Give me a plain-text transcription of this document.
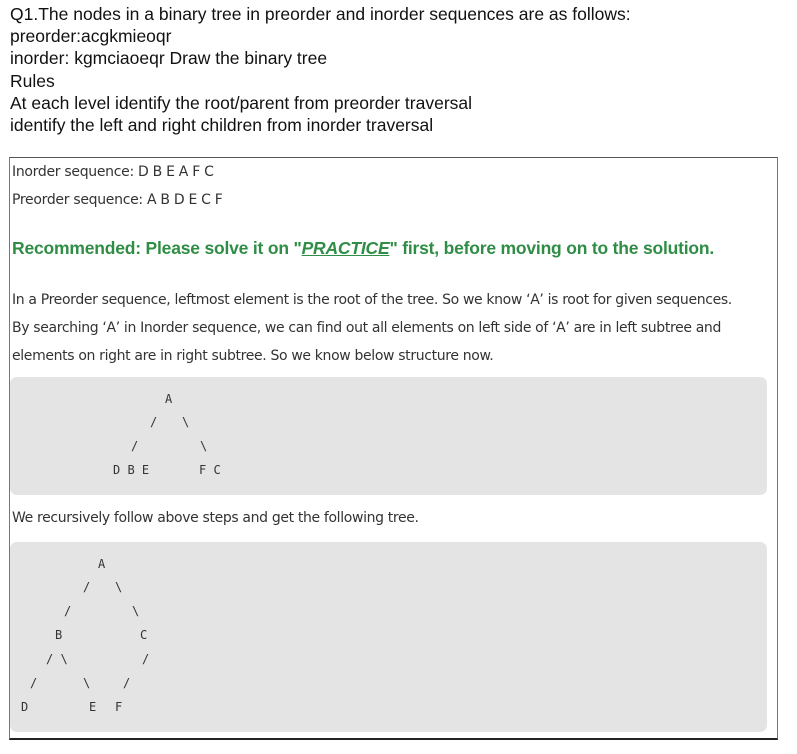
Q1.The nodes in a binary tree in preorder and inorder sequences are as follows:
preorder:acgkmieoqr
inorder: kgmciaoeqr Draw the binary tree
Rules
At each level identify the root/parent from preorder traversal
identify the left and right children from inorder traversal
Inorder sequence: D B E A F C
Preorder sequence: A B D E C F
Recommended: Please solve it on "PRACTICE" first, before moving on to the solution.
In a Preorder sequence, leftmost element is the root of the tree. So we know ‘A’ is root for given sequences.
By searching ‘A’ in Inorder sequence, we can find out all elements on left side of ‘A’ are in left subtree and
elements on right are in right subtree. So we know below structure now.
A
/ \
/	\
D B E	F C
We recursively follow above steps and get the following tree.
A
/ \
/	\
B	C
/ \	/
/	\	/
D	E F
